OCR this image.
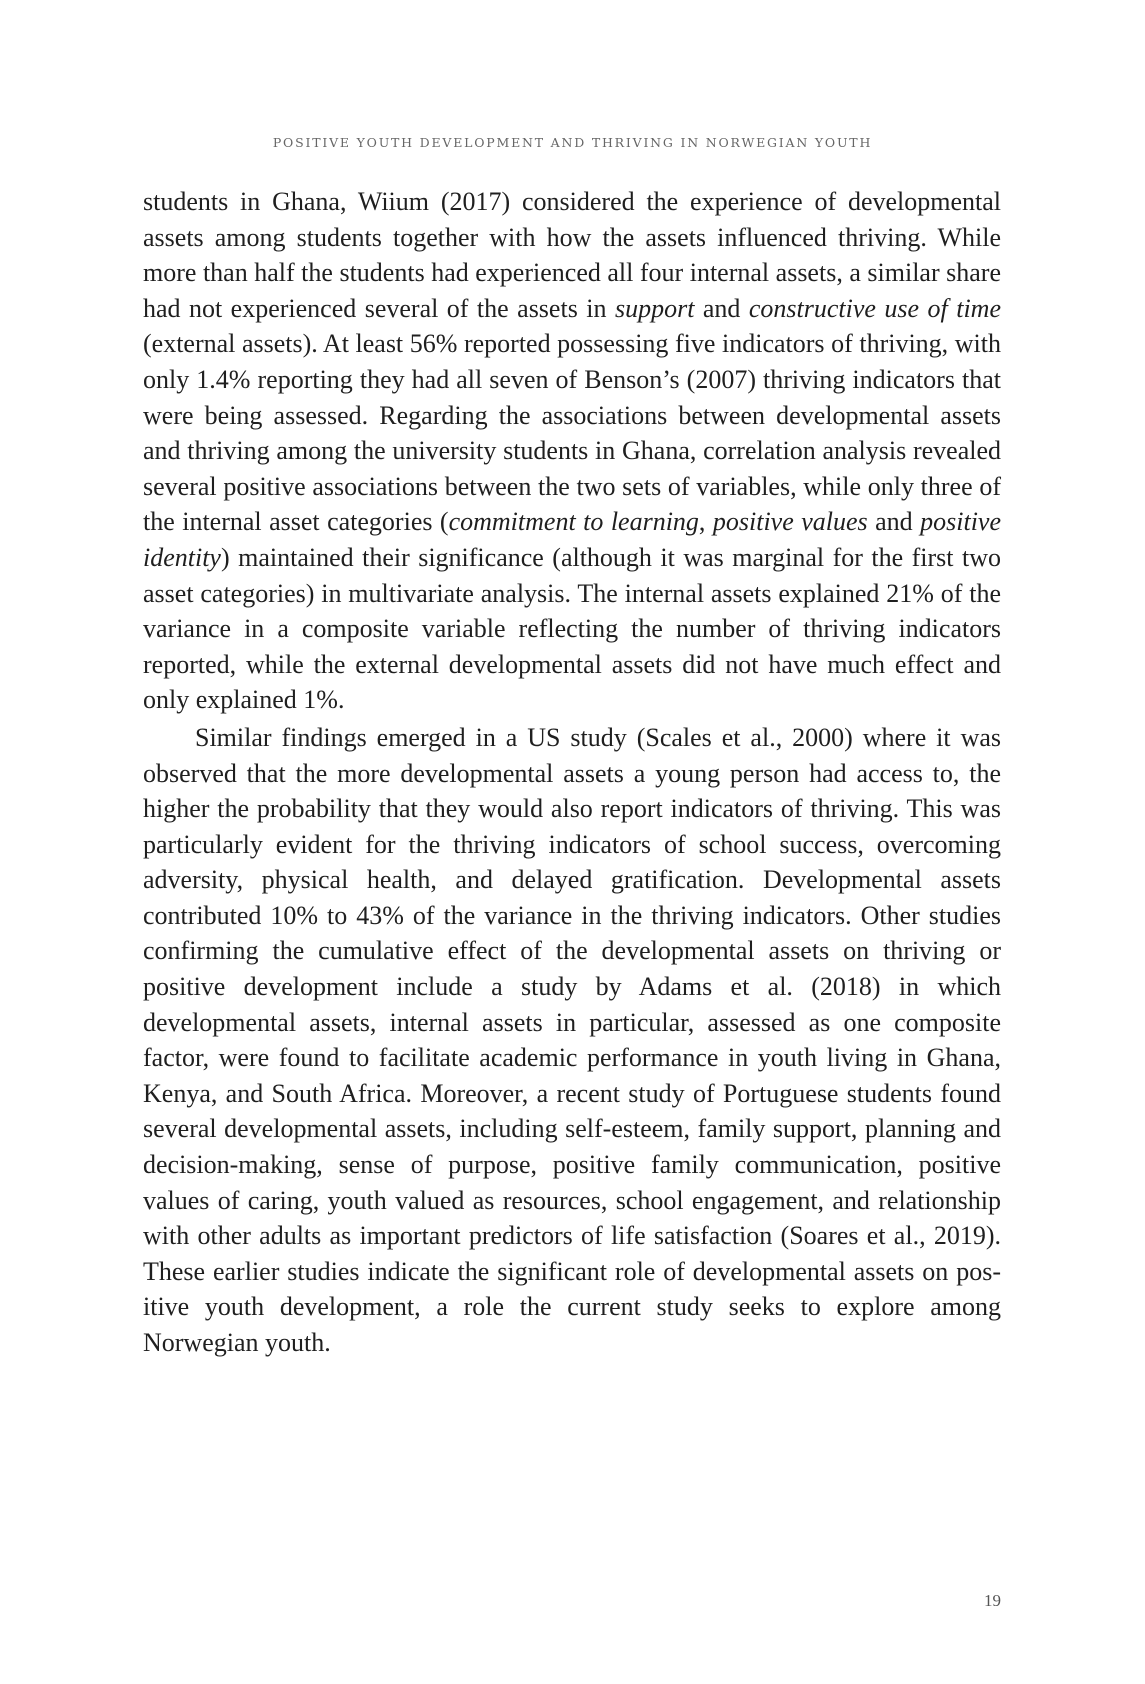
POSITIVE YOUTH DEVELOPMENT AND THRIVING IN NORWEGIAN YOUTH

students in Ghana, Wiium (2017) considered the experience of developmental assets among students together with how the assets influenced thriving. While more than half the students had experienced all four internal assets, a similar share had not experienced several of the assets in support and constructive use of time (external assets). At least 56% reported possessing five indicators of thriving, with only 1.4% reporting they had all seven of Benson’s (2007) thriving indicators that were being assessed. Regarding the associations between developmental assets and thriving among the university students in Ghana, correlation analysis revealed several positive associations between the two sets of variables, while only three of the internal asset categories (commitment to learning, positive values and positive identity) maintained their significance (although it was marginal for the first two asset categories) in multivariate analysis. The internal assets explained 21% of the variance in a composite variable reflecting the number of thriving indicators reported, while the external developmental assets did not have much effect and only explained 1%.

Similar findings emerged in a US study (Scales et al., 2000) where it was observed that the more developmental assets a young person had access to, the higher the probability that they would also report indicators of thriving. This was particularly evident for the thriving indicators of school success, overcoming adversity, physical health, and delayed gratification. Developmental assets contributed 10% to 43% of the variance in the thriving indicators. Other studies confirming the cumulative effect of the developmental assets on thriving or positive development include a study by Adams et al. (2018) in which developmental assets, internal assets in particular, assessed as one composite factor, were found to facilitate academic performance in youth living in Ghana, Kenya, and South Africa. Moreover, a recent study of Portuguese students found several developmental assets, including self-esteem, family support, planning and decision-making, sense of purpose, positive family communication, positive values of caring, youth valued as resources, school engagement, and relationship with other adults as important predictors of life satisfaction (Soares et al., 2019). These earlier studies indicate the significant role of developmental assets on positive youth development, a role the current study seeks to explore among Norwegian youth.

19
